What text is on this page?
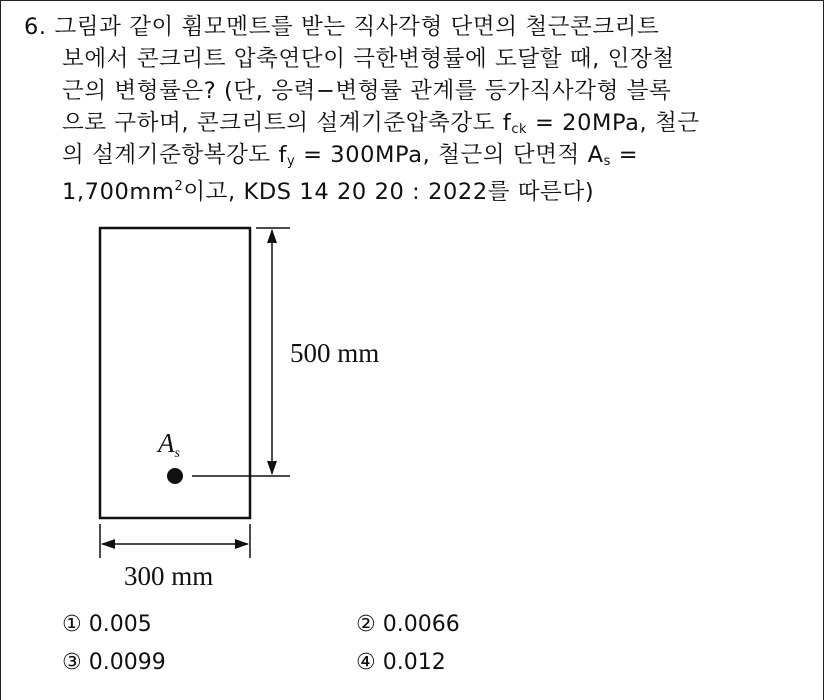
6. 그림과 같이 휨모멘트를 받는 직사각형 단면의 철근콘크리트
보에서 콘크리트 압축연단이 극한변형률에 도달할 때, 인장철
근의 변형률은? (단, 응력−변형률 관계를 등가직사각형 블록
으로 구하며, 콘크리트의 설계기준압축강도 $f_{ck} = 20MPa$, 철근
의 설계기준항복강도 $f_y = 300MPa$, 철근의 단면적 $A_s$ =
$1,700mm^2$이고, KDS 14 20 20 : 2022를 따른다)
500 mm
As
300 mm
① 0.005	② 0.0066
③ 0.0099	④ 0.012
